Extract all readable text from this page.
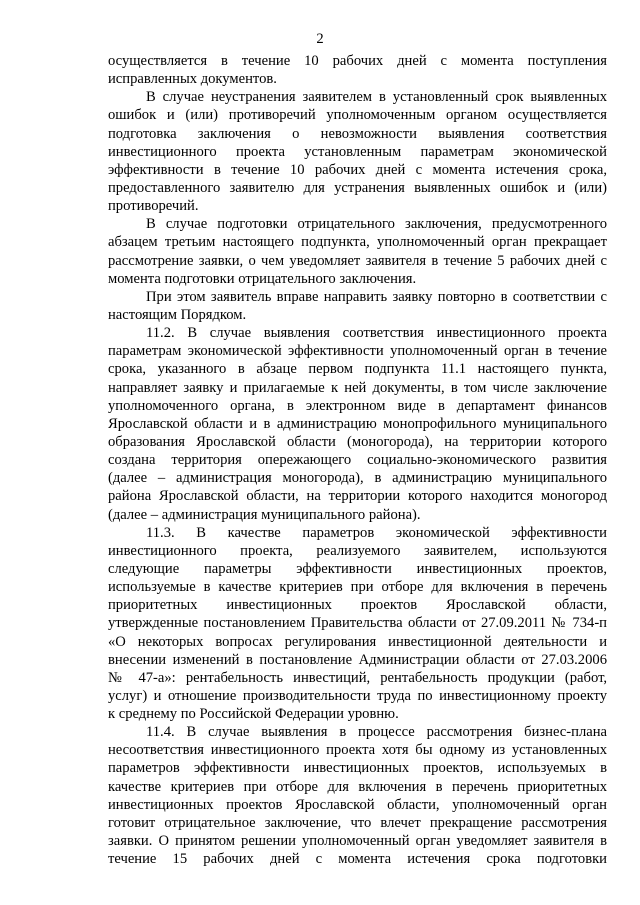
2
осуществляется в течение 10 рабочих дней с момента поступления
исправленных документов.
В случае неустранения заявителем в установленный срок выявленных
ошибок и (или) противоречий уполномоченным органом осуществляется
подготовка заключения о невозможности выявления соответствия
инвестиционного проекта установленным параметрам экономической
эффективности в течение 10 рабочих дней с момента истечения срока,
предоставленного заявителю для устранения выявленных ошибок и (или)
противоречий.
В случае подготовки отрицательного заключения, предусмотренного
абзацем третьим настоящего подпункта, уполномоченный орган прекращает
рассмотрение заявки, о чем уведомляет заявителя в течение 5 рабочих дней с
момента подготовки отрицательного заключения.
При этом заявитель вправе направить заявку повторно в соответствии с
настоящим Порядком.
11.2. В случае выявления соответствия инвестиционного проекта
параметрам экономической эффективности уполномоченный орган в течение
срока, указанного в абзаце первом подпункта 11.1 настоящего пункта,
направляет заявку и прилагаемые к ней документы, в том числе заключение
уполномоченного органа, в электронном виде в департамент финансов
Ярославской области и в администрацию монопрофильного муниципального
образования Ярославской области (моногорода), на территории которого
создана территория опережающего социально-экономического развития
(далее – администрация моногорода), в администрацию муниципального
района Ярославской области, на территории которого находится моногород
(далее – администрация муниципального района).
11.3. В качестве параметров экономической эффективности
инвестиционного проекта, реализуемого заявителем, используются
следующие параметры эффективности инвестиционных проектов,
используемые в качестве критериев при отборе для включения в перечень
приоритетных инвестиционных проектов Ярославской области,
утвержденные постановлением Правительства области от 27.09.2011 № 734-п
«О некоторых вопросах регулирования инвестиционной деятельности и
внесении изменений в постановление Администрации области от 27.03.2006
№ 47-а»: рентабельность инвестиций, рентабельность продукции (работ,
услуг) и отношение производительности труда по инвестиционному проекту
к среднему по Российской Федерации уровню.
11.4. В случае выявления в процессе рассмотрения бизнес-плана
несоответствия инвестиционного проекта хотя бы одному из установленных
параметров эффективности инвестиционных проектов, используемых в
качестве критериев при отборе для включения в перечень приоритетных
инвестиционных проектов Ярославской области, уполномоченный орган
готовит отрицательное заключение, что влечет прекращение рассмотрения
заявки. О принятом решении уполномоченный орган уведомляет заявителя в
течение 15 рабочих дней с момента истечения срока подготовки
